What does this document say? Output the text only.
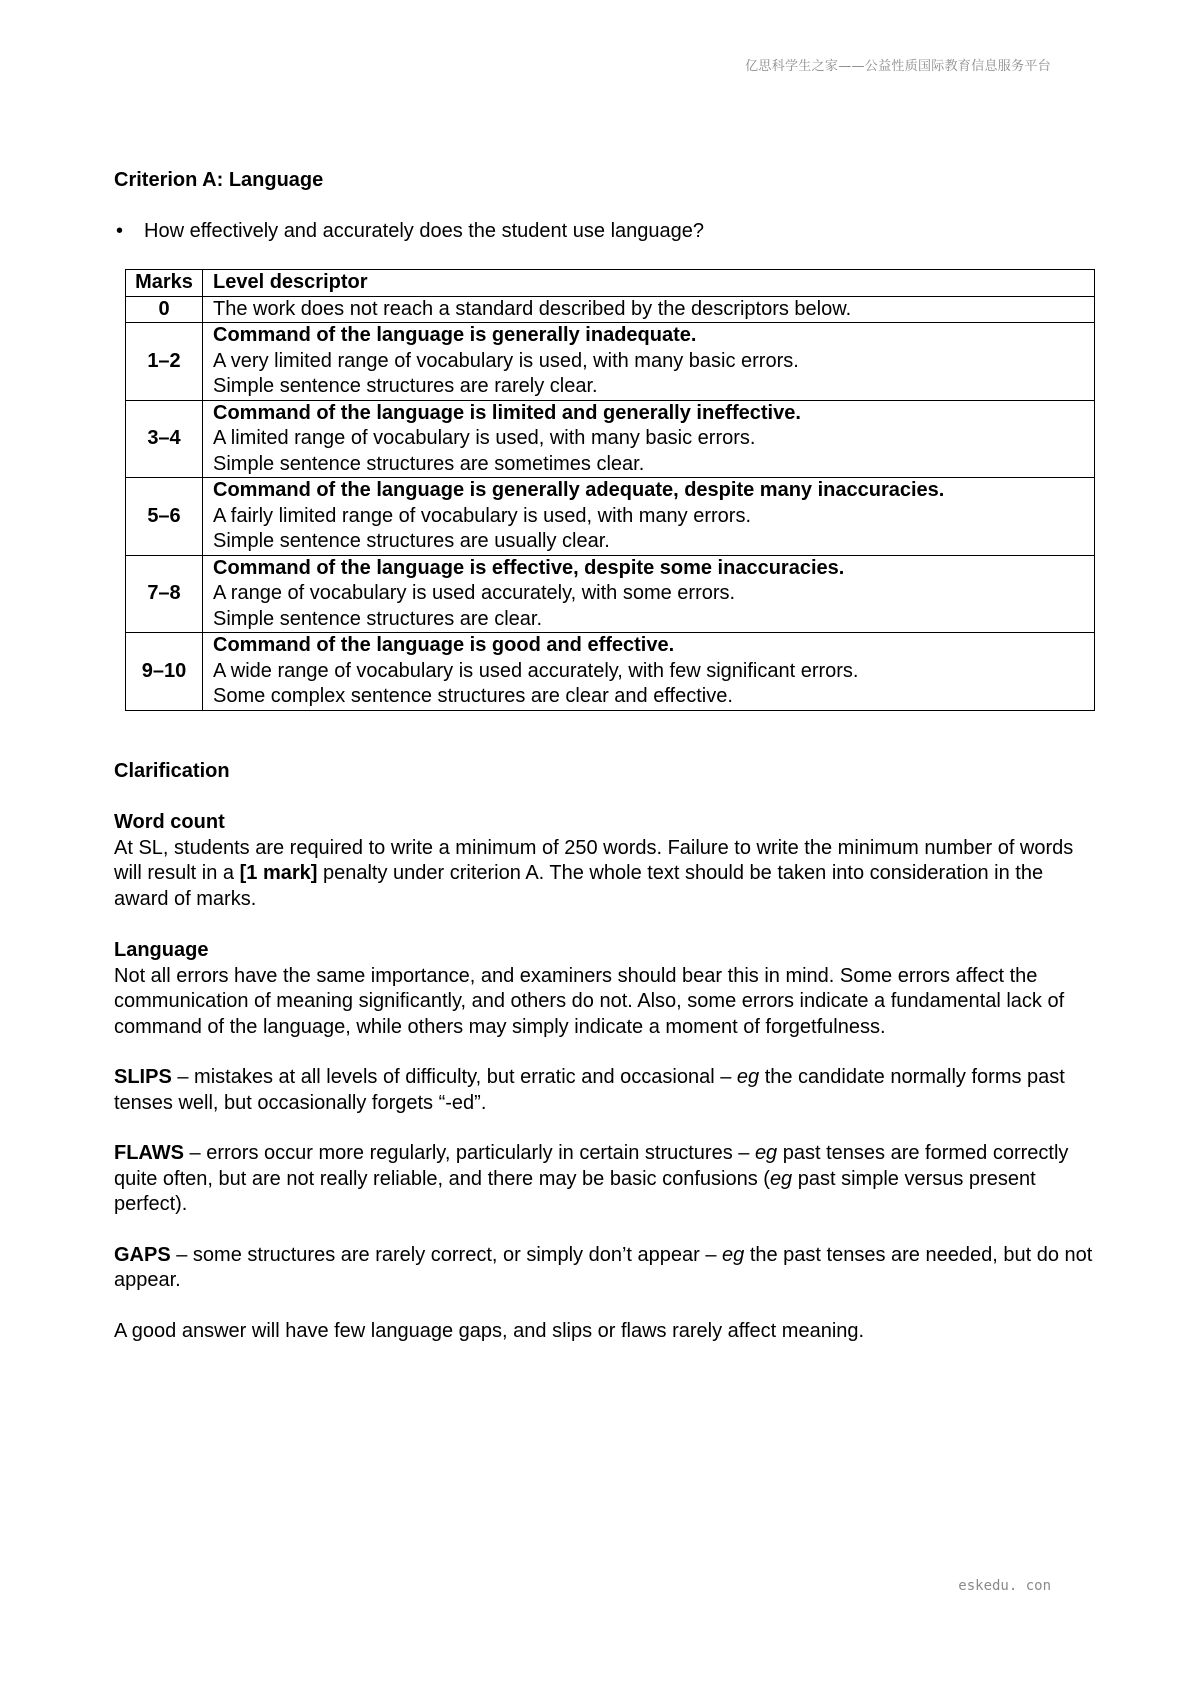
亿思科学生之家——公益性质国际教育信息服务平台

Criterion A: Language

•	How effectively and accurately does the student use language?
Marks	Level descriptor
0	The work does not reach a standard described by the descriptors below.

1–2	Command of the language is generally inadequate.
A very limited range of vocabulary is used, with many basic errors.
Simple sentence structures are rarely clear.

3–4	Command of the language is limited and generally ineffective.
A limited range of vocabulary is used, with many basic errors.
Simple sentence structures are sometimes clear.

5–6	Command of the language is generally adequate, despite many inaccuracies.
A fairly limited range of vocabulary is used, with many errors.
Simple sentence structures are usually clear.

7–8	Command of the language is effective, despite some inaccuracies.
A range of vocabulary is used accurately, with some errors.
Simple sentence structures are clear.

9–10	Command of the language is good and effective.
A wide range of vocabulary is used accurately, with few significant errors.
Some complex sentence structures are clear and effective.

Clarification

Word count

At SL, students are required to write a minimum of 250 words. Failure to write the minimum number of words will result in a [1 mark] penalty under criterion A. The whole text should be taken into consideration in the award of marks.

Language

Not all errors have the same importance, and examiners should bear this in mind. Some errors affect the communication of meaning significantly, and others do not. Also, some errors indicate a fundamental lack of command of the language, while others may simply indicate a moment of forgetfulness.

SLIPS – mistakes at all levels of difficulty, but erratic and occasional – eg the candidate normally forms past tenses well, but occasionally forgets “-ed”.

FLAWS – errors occur more regularly, particularly in certain structures – eg past tenses are formed correctly quite often, but are not really reliable, and there may be basic confusions (eg past simple versus present perfect).

GAPS – some structures are rarely correct, or simply don’t appear – eg the past tenses are needed, but do not appear.

A good answer will have few language gaps, and slips or flaws rarely affect meaning.

eskedu. con
